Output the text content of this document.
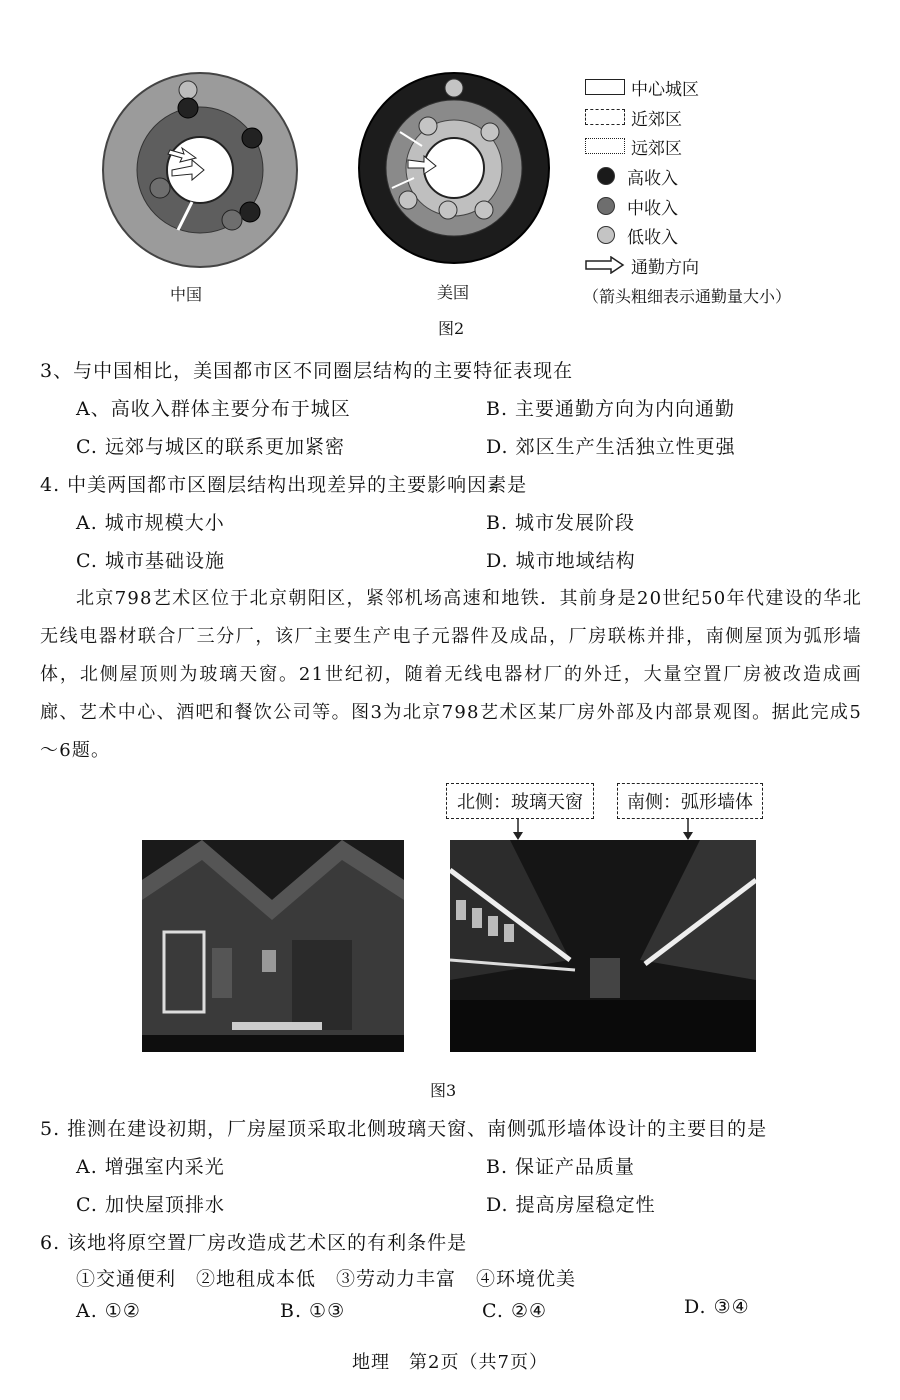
中国	美国
中心城区
近郊区
远郊区
高收入
中收入
低收入
通勤方向
（箭头粗细表示通勤量大小）
图2
3、与中国相比，美国都市区不同圈层结构的主要特征表现在
A、高收入群体主要分布于城区	B. 主要通勤方向为内向通勤
C. 远郊与城区的联系更加紧密	D. 郊区生产生活独立性更强
4. 中美两国都市区圈层结构出现差异的主要影响因素是
A. 城市规模大小	B. 城市发展阶段
C. 城市基础设施	D. 城市地域结构
北京798艺术区位于北京朝阳区，紧邻机场高速和地铁．其前身是20世纪50年代建设的华北无线电器材联合厂三分厂，该厂主要生产电子元器件及成品，厂房联栋并排，南侧屋顶为弧形墙体，北侧屋顶则为玻璃天窗。21世纪初，随着无线电器材厂的外迁，大量空置厂房被改造成画廊、艺术中心、酒吧和餐饮公司等。图3为北京798艺术区某厂房外部及内部景观图。据此完成5～6题。
北侧：玻璃天窗	南侧：弧形墙体
图3
5. 推测在建设初期，厂房屋顶采取北侧玻璃天窗、南侧弧形墙体设计的主要目的是
A. 增强室内采光	B. 保证产品质量
C. 加快屋顶排水	D. 提高房屋稳定性
6. 该地将原空置厂房改造成艺术区的有利条件是
①交通便利　②地租成本低　③劳动力丰富　④环境优美
A. ①②	B. ①③	C. ②④	D. ③④
地理　第2页（共7页）
